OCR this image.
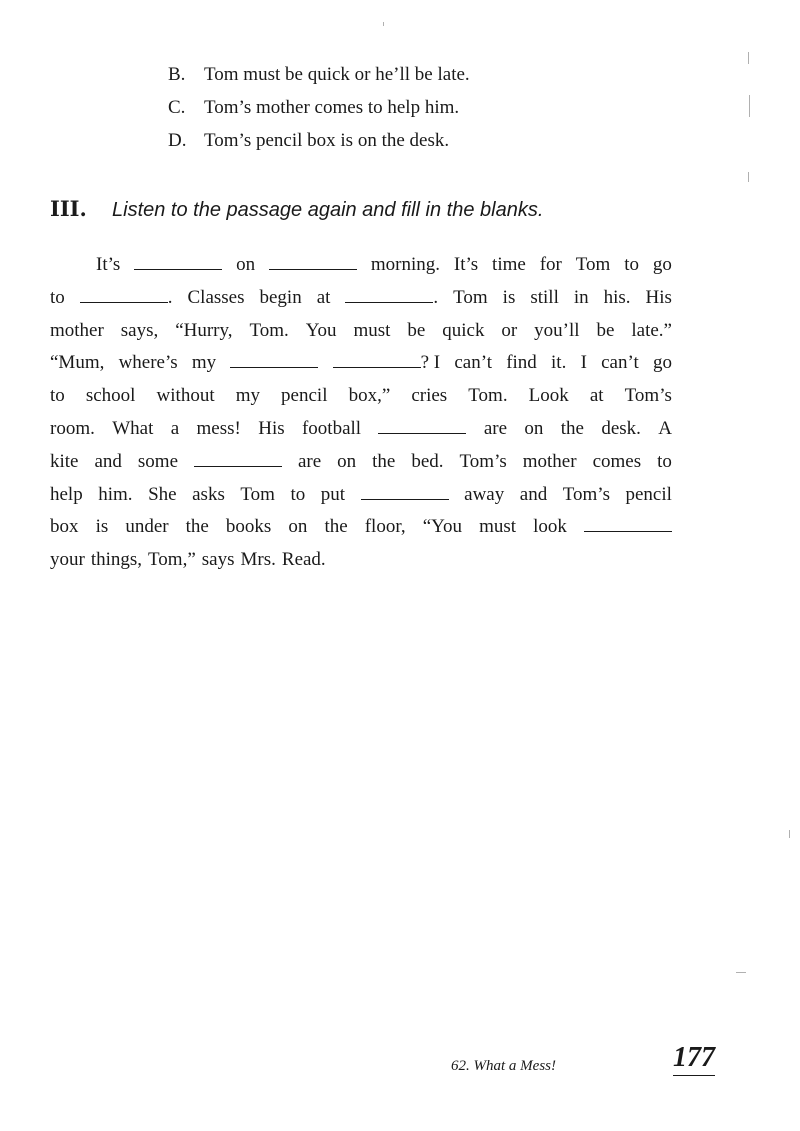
B. Tom must be quick or he’ll be late.
C. Tom’s mother comes to help him.
D. Tom’s pencil box is on the desk.
III. Listen to the passage again and fill in the blanks.
It’s	on	morning. It’s time for Tom to go
to	. Classes begin at	. Tom is still in his. His
mother says, “Hurry, Tom. You must be quick or you’ll be late.”
“Mum, where’s my	? I can’t find it. I can’t go
to school without my pencil box,” cries Tom. Look at Tom’s
room. What a mess! His football	are on the desk. A
kite and some	are on the bed. Tom’s mother comes to
help him. She asks Tom to put	away and Tom’s pencil
box is under the books on the floor, “You must look
your things, Tom,” says Mrs. Read.
62. What a Mess!	177
